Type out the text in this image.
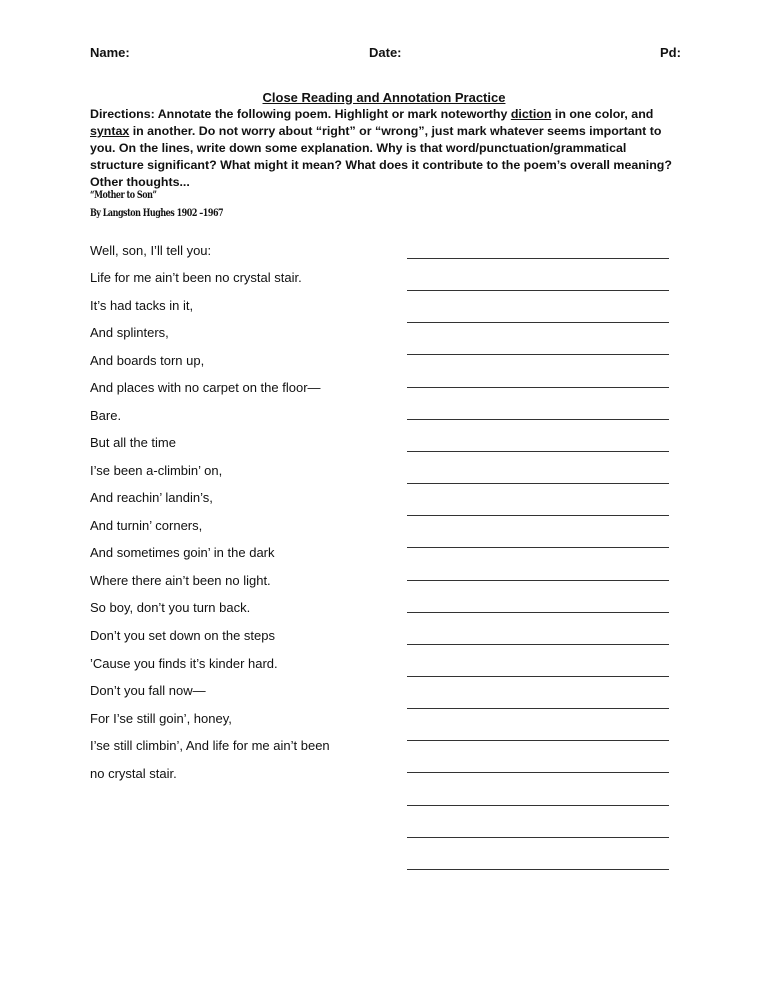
Name:	Date:	Pd:
Close Reading and Annotation Practice
Directions: Annotate the following poem. Highlight or mark noteworthy diction in one color, and syntax in another. Do not worry about “right” or “wrong”, just mark whatever seems important to you. On the lines, write down some explanation. Why is that word/punctuation/grammatical structure significant? What might it mean? What does it contribute to the poem’s overall meaning? Other thoughts...
“Mother to Son”
By Langston Hughes 1902 –1967
Well, son, I’ll tell you:
Life for me ain’t been no crystal stair.
It’s had tacks in it,
And splinters,
And boards torn up,
And places with no carpet on the floor—
Bare.
But all the time
I’se been a-climbin’ on,
And reachin’ landin’s,
And turnin’ corners,
And sometimes goin’ in the dark
Where there ain’t been no light.
So boy, don’t you turn back.
Don’t you set down on the steps
’Cause you finds it’s kinder hard.
Don’t you fall now—
For I’se still goin’, honey,
I’se still climbin’, And life for me ain’t been
no crystal stair.
